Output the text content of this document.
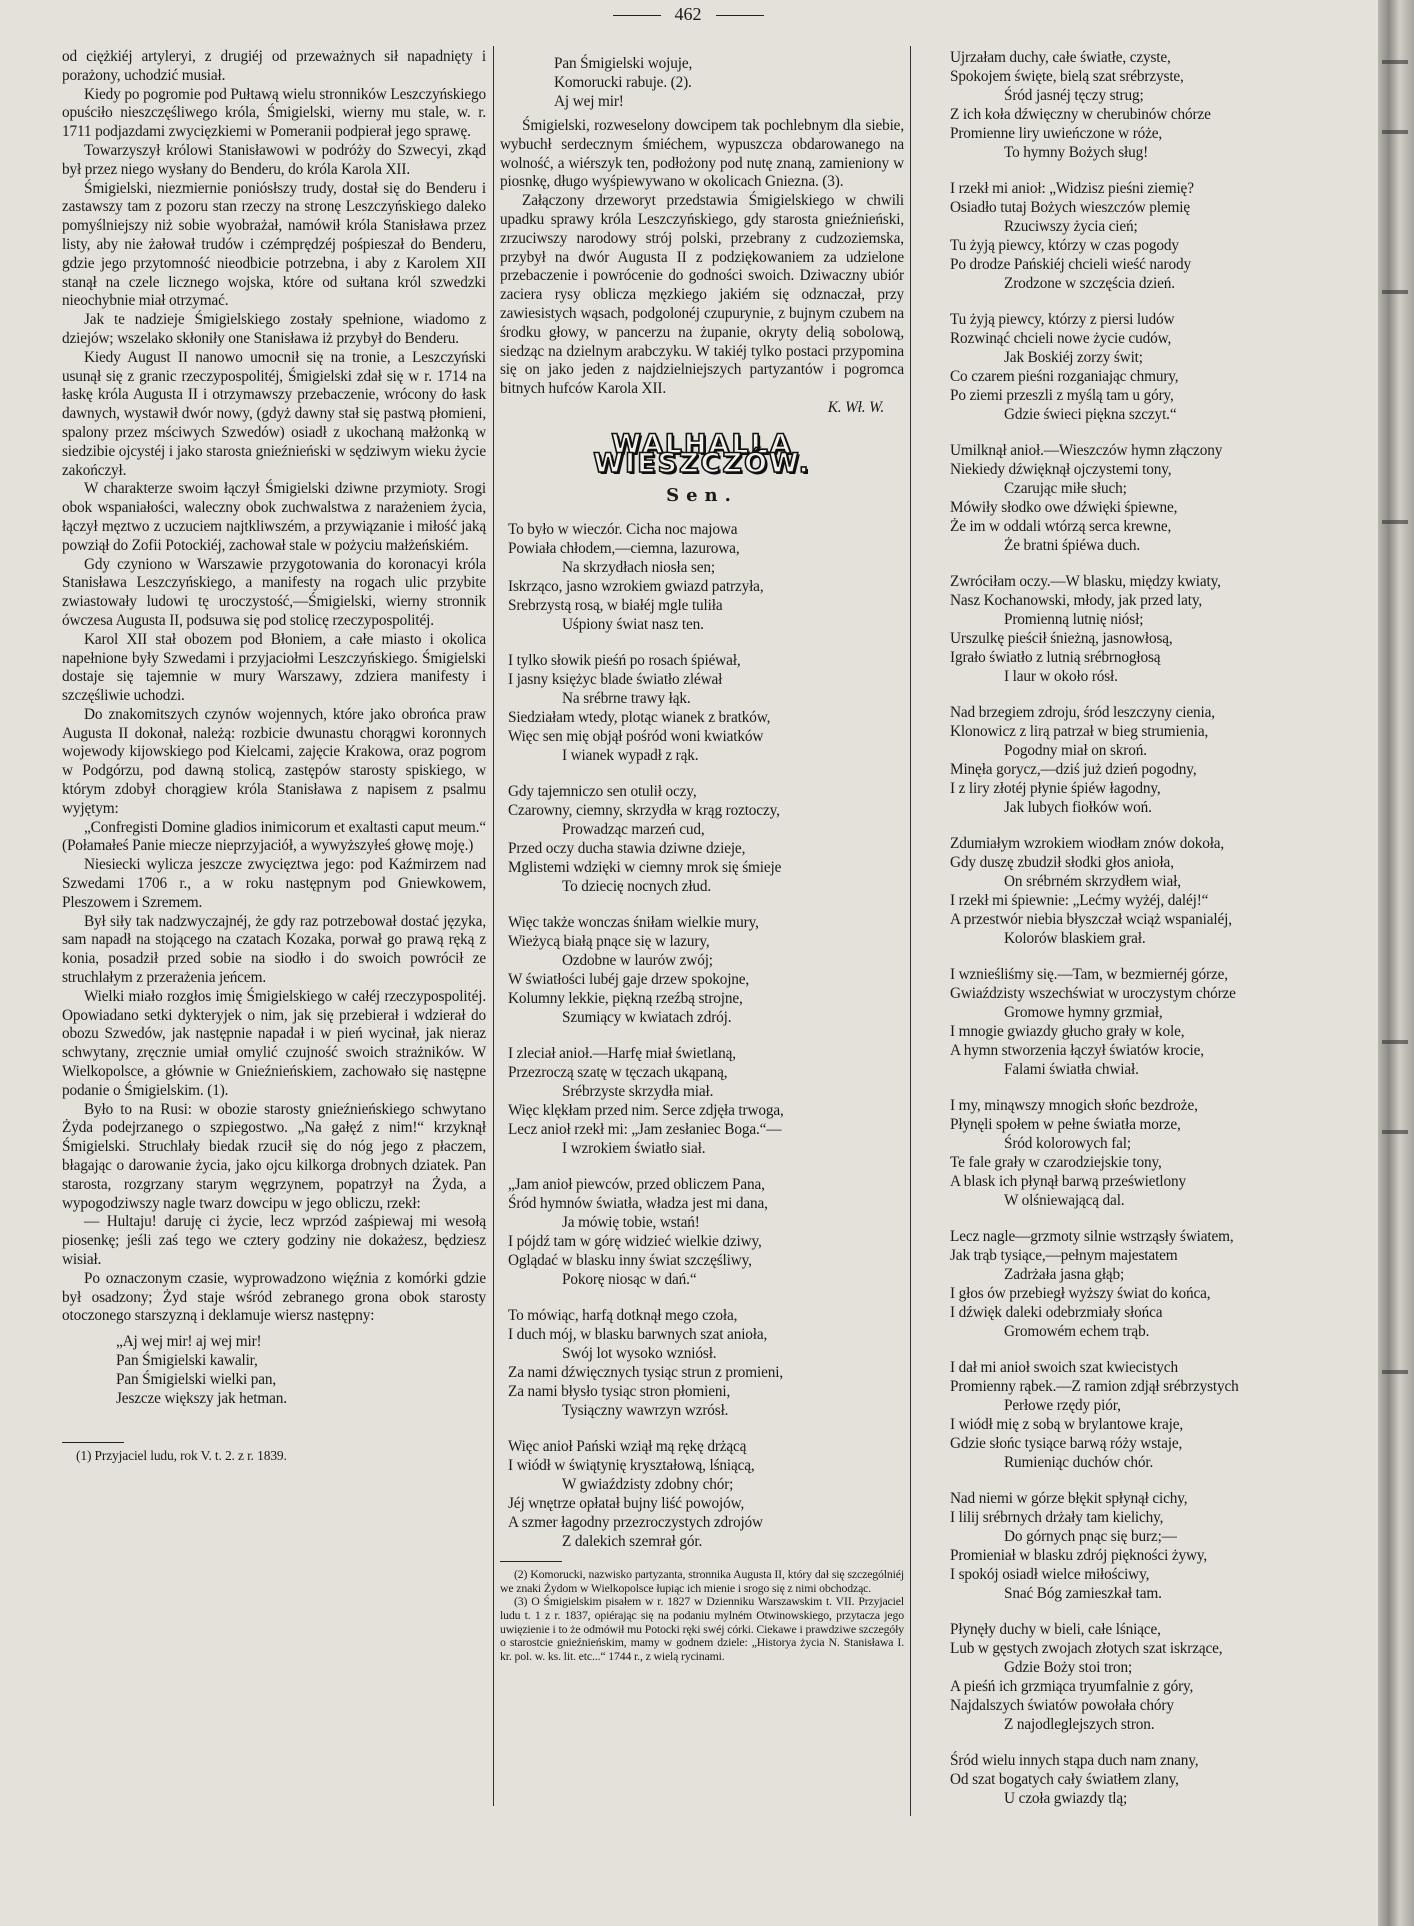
462

od ciężkiéj artyleryi, z drugiéj od przeważnych sił napadnięty i porażony, uchodzić musiał.

Kiedy po pogromie pod Pułtawą wielu stronników Leszczyńskiego opuściło nieszczęśliwego króla, Śmigielski, wierny mu stale, w. r. 1711 podjazdami zwycięzkiemi w Pomeranii podpierał jego sprawę.

Towarzyszył królowi Stanisławowi w podróży do Szwecyi, zkąd był przez niego wysłany do Benderu, do króla Karola XII.

Śmigielski, niezmiernie poniósłszy trudy, dostał się do Benderu i zastawszy tam z pozoru stan rzeczy na stronę Leszczyńskiego daleko pomyślniejszy niż sobie wyobrażał, namówił króla Stanisława przez listy, aby nie żałował trudów i czémprędzéj pośpieszał do Benderu, gdzie jego przytomność nieodbicie potrzebna, i aby z Karolem XII stanął na czele licznego wojska, które od sułtana król szwedzki nieochybnie miał otrzymać.

Jak te nadzieje Śmigielskiego zostały spełnione, wiadomo z dziejów; wszelako skłoniły one Stanisława iż przybył do Benderu.

Kiedy August II nanowo umocnił się na tronie, a Leszczyński usunął się z granic rzeczypospolitéj, Śmigielski zdał się w r. 1714 na łaskę króla Augusta II i otrzymawszy przebaczenie, wrócony do łask dawnych, wystawił dwór nowy, (gdyż dawny stał się pastwą płomieni, spalony przez mściwych Szwedów) osiadł z ukochaną małżonką w siedzibie ojcystéj i jako starosta gnieźnieński w sędziwym wieku życie zakończył.

W charakterze swoim łączył Śmigielski dziwne przymioty. Srogi obok wspaniałości, waleczny obok zuchwalstwa z narażeniem życia, łączył męztwo z uczuciem najtkliwszém, a przywiązanie i miłość jaką powziął do Zofii Potockiéj, zachował stale w pożyciu małżeńskiém.

Gdy czyniono w Warszawie przygotowania do koronacyi króla Stanisława Leszczyńskiego, a manifesty na rogach ulic przybite zwiastowały ludowi tę uroczystość,—Śmigielski, wierny stronnik ówczesa Augusta II, podsuwa się pod stolicę rzeczypospolitéj.

Karol XII stał obozem pod Błoniem, a całe miasto i okolica napełnione były Szwedami i przyjaciołmi Leszczyńskiego. Śmigielski dostaje się tajemnie w mury Warszawy, zdziera manifesty i szczęśliwie uchodzi.

Do znakomitszych czynów wojennych, które jako obrońca praw Augusta II dokonał, należą: rozbicie dwunastu chorągwi koronnych wojewody kijowskiego pod Kielcami, zajęcie Krakowa, oraz pogrom w Podgórzu, pod dawną stolicą, zastępów starosty spiskiego, w którym zdobył chorągiew króla Stanisława z napisem z psalmu wyjętym:

„Confregisti Domine gladios inimicorum et exaltasti caput meum.“ (Połamałeś Panie miecze nieprzyjaciół, a wywyższyłeś głowę moję.)

Niesiecki wylicza jeszcze zwycięztwa jego: pod Kaźmirzem nad Szwedami 1706 r., a w roku następnym pod Gniewkowem, Pleszowem i Szremem.

Był siły tak nadzwyczajnéj, że gdy raz potrzebował dostać języka, sam napadł na stojącego na czatach Kozaka, porwał go prawą ręką z konia, posadził przed sobie na siodło i do swoich powrócił ze struchlałym z przerażenia jeńcem.

Wielki miało rozgłos imię Śmigielskiego w całéj rzeczypospolitéj. Opowiadano setki dykteryjek o nim, jak się przebierał i wdzierał do obozu Szwedów, jak następnie napadał i w pień wycinał, jak nieraz schwytany, zręcznie umiał omylić czujność swoich strażników. W Wielkopolsce, a głównie w Gnieźnieńskiem, zachowało się następne podanie o Śmigielskim. (1).

Było to na Rusi: w obozie starosty gnieźnieńskiego schwytano Żyda podejrzanego o szpiegostwo. „Na gałęź z nim!“ krzyknął Śmigielski. Struchlały biedak rzucił się do nóg jego z płaczem, błagając o darowanie życia, jako ojcu kilkorga drobnych dziatek. Pan starosta, rozgrzany starym węgrzynem, popatrzył na Żyda, a wypogodziwszy nagle twarz dowcipu w jego obliczu, rzekł:

— Hultaju! daruję ci życie, lecz wprzód zaśpiewaj mi wesołą piosenkę; jeśli zaś tego we cztery godziny nie dokażesz, będziesz wisiał.

Po oznaczonym czasie, wyprowadzono więźnia z komórki gdzie był osadzony; Żyd staje wśród zebranego grona obok starosty otoczonego starszyzną i deklamuje wiersz następny:

„Aj wej mir! aj wej mir!
Pan Śmigielski kawalir,
Pan Śmigielski wielki pan,
Jeszcze większy jak hetman.

(1) Przyjaciel ludu, rok V. t. 2. z r. 1839.

Pan Śmigielski wojuje,
Komorucki rabuje. (2).
Aj wej mir!

Śmigielski, rozweselony dowcipem tak pochlebnym dla siebie, wybuchł serdecznym śmiéchem, wypuszcza obdarowanego na wolność, a wiérszyk ten, podłożony pod nutę znaną, zamieniony w piosnkę, długo wyśpiewywano w okolicach Gniezna. (3).

Załączony drzeworyt przedstawia Śmigielskiego w chwili upadku sprawy króla Leszczyńskiego, gdy starosta gnieźnieński, zrzuciwszy narodowy strój polski, przebrany z cudzoziemska, przybył na dwór Augusta II z podziękowaniem za udzielone przebaczenie i powrócenie do godności swoich. Dziwaczny ubiór zaciera rysy oblicza męzkiego jakiém się odznaczał, przy zawiesistych wąsach, podgolonéj czupurynie, z bujnym czubem na środku głowy, w pancerzu na żupanie, okryty delią sobolową, siedząc na dzielnym arabczyku. W takiéj tylko postaci przypomina się on jako jeden z najdzielniejszych partyzantów i pogromca bitnych hufców Karola XII.

K. Wł. W.
WALHALLA WIESZCZÓW.
Sen.
To było w wieczór. Cicha noc majowa
Powiała chłodem,—ciemna, lazurowa,
Na skrzydłach niosła sen;
Iskrząco, jasno wzrokiem gwiazd patrzyła,
Srebrzystą rosą, w białéj mgle tuliła
Uśpiony świat nasz ten.
I tylko słowik pieśń po rosach śpiéwał,
I jasny księżyc blade światło zléwał
Na srébrne trawy łąk.
Siedziałam wtedy, plotąc wianek z bratków,
Więc sen mię objął pośród woni kwiatków
I wianek wypadł z rąk.
Gdy tajemniczo sen otulił oczy,
Czarowny, ciemny, skrzydła w krąg roztoczy,
Prowadząc marzeń cud,
Przed oczy ducha stawia dziwne dzieje,
Mglistemi wdzięki w ciemny mrok się śmieje
To dziecię nocnych złud.
Więc także wonczas śniłam wielkie mury,
Wieżycą białą pnące się w lazury,
Ozdobne w laurów zwój;
W światłości lubéj gaje drzew spokojne,
Kolumny lekkie, piękną rzeźbą strojne,
Szumiący w kwiatach zdrój.
I zleciał anioł.—Harfę miał świetlaną,
Przezroczą szatę w tęczach ukąpaną,
Srébrzyste skrzydła miał.
Więc klękłam przed nim. Serce zdjęła trwoga,
Lecz anioł rzekł mi: „Jam zesłaniec Boga.“—
I wzrokiem światło siał.
„Jam anioł piewców, przed obliczem Pana,
Śród hymnów światła, władza jest mi dana,
Ja mówię tobie, wstań!
I pójdź tam w górę widzieć wielkie dziwy,
Oglądać w blasku inny świat szczęśliwy,
Pokorę niosąc w dań.“
To mówiąc, harfą dotknął mego czoła,
I duch mój, w blasku barwnych szat anioła,
Swój lot wysoko wzniósł.
Za nami dźwięcznych tysiąc strun z promieni,
Za nami błysło tysiąc stron płomieni,
Tysiączny wawrzyn wzrósł.
Więc anioł Pański wziął mą rękę drżącą
I wiódł w świątynię kryształową, lśniącą,
W gwiaździsty zdobny chór;
Jéj wnętrze opłatał bujny liść powojów,
A szmer łagodny przezroczystych zdrojów
Z dalekich szemrał gór.

(2) Komorucki, nazwisko partyzanta, stronnika Augusta II, który dał się szczególniéj we znaki Żydom w Wielkopolsce łupiąc ich mienie i srogo się z nimi obchodząc.

(3) O Śmigielskim pisałem w r. 1827 w Dzienniku Warszawskim t. VII. Przyjaciel ludu t. 1 z r. 1837, opiérając się na podaniu mylném Otwinowskiego, przytacza jego uwięzienie i to że odmówił mu Potocki ręki swéj córki. Ciekawe i prawdziwe szczegóły o starostcie gnieźnieńskim, mamy w godnem dziele: „Historya życia N. Stanisława I. kr. pol. w. ks. lit. etc...“ 1744 r., z wielą rycinami.

Ujrzałam duchy, całe światłe, czyste,
Spokojem święte, bielą szat srébrzyste,
Śród jasnéj tęczy strug;
Z ich koła dźwięczny w cherubinów chórze
Promienne liry uwieńczone w róże,
To hymny Bożych sług!
I rzekł mi anioł: „Widzisz pieśni ziemię?
Osiadło tutaj Bożych wieszczów plemię
Rzuciwszy życia cień;
Tu żyją piewcy, którzy w czas pogody
Po drodze Pańskiéj chcieli wieść narody
Zrodzone w szczęścia dzień.
Tu żyją piewcy, którzy z piersi ludów
Rozwinąć chcieli nowe życie cudów,
Jak Boskiéj zorzy świt;
Co czarem pieśni rozganiając chmury,
Po ziemi przeszli z myślą tam u góry,
Gdzie świeci piękna szczyt.“
Umilknął anioł.—Wieszczów hymn złączony
Niekiedy dźwięknął ojczystemi tony,
Czarując miłe słuch;
Mówiły słodko owe dźwięki śpiewne,
Że im w oddali wtórzą serca krewne,
Że bratni śpiéwa duch.
Zwróciłam oczy.—W blasku, między kwiaty,
Nasz Kochanowski, młody, jak przed laty,
Promienną lutnię niósł;
Urszulkę pieścił śnieżną, jasnowłosą,
Igrało światło z lutnią srébrnogłosą
I laur w około rósł.
Nad brzegiem zdroju, śród leszczyny cienia,
Klonowicz z lirą patrzał w bieg strumienia,
Pogodny miał on skroń.
Minęła gorycz,—dziś już dzień pogodny,
I z liry złotéj płynie śpiéw łagodny,
Jak lubych fiołków woń.
Zdumiałym wzrokiem wiodłam znów dokoła,
Gdy duszę zbudził słodki głos anioła,
On srébrném skrzydłem wiał,
I rzekł mi śpiewnie: „Lećmy wyżéj, daléj!“
A przestwór niebia błyszczał wciąż wspanialéj,
Kolorów blaskiem grał.
I wznieśliśmy się.—Tam, w bezmiernéj górze,
Gwiaździsty wszechświat w uroczystym chórze
Gromowe hymny grzmiał,
I mnogie gwiazdy głucho grały w kole,
A hymn stworzenia łączył światów krocie,
Falami światła chwiał.
I my, minąwszy mnogich słońc bezdroże,
Płynęli społem w pełne światła morze,
Śród kolorowych fal;
Te fale grały w czarodziejskie tony,
A blask ich płynął barwą prześwietlony
W olśniewającą dal.
Lecz nagle—grzmoty silnie wstrząsły światem,
Jak trąb tysiące,—pełnym majestatem
Zadrżała jasna głąb;
I głos ów przebiegł wyższy świat do końca,
I dźwięk daleki odebrzmiały słońca
Gromowém echem trąb.
I dał mi anioł swoich szat kwiecistych
Promienny rąbek.—Z ramion zdjął srébrzystych
Perłowe rzędy piór,
I wiódł mię z sobą w brylantowe kraje,
Gdzie słońc tysiące barwą róży wstaje,
Rumieniąc duchów chór.
Nad niemi w górze błękit spłynął cichy,
I lilij srébrnych drżały tam kielichy,
Do górnych pnąc się burz;—
Promieniał w blasku zdrój piękności żywy,
I spokój osiadł wielce miłościwy,
Snać Bóg zamieszkał tam.
Płynęły duchy w bieli, całe lśniące,
Lub w gęstych zwojach złotych szat iskrzące,
Gdzie Boży stoi tron;
A pieśń ich grzmiąca tryumfalnie z góry,
Najdalszych światów powołała chóry
Z najodleglejszych stron.
Śród wielu innych stąpa duch nam znany,
Od szat bogatych cały światłem zlany,
U czoła gwiazdy tlą;
